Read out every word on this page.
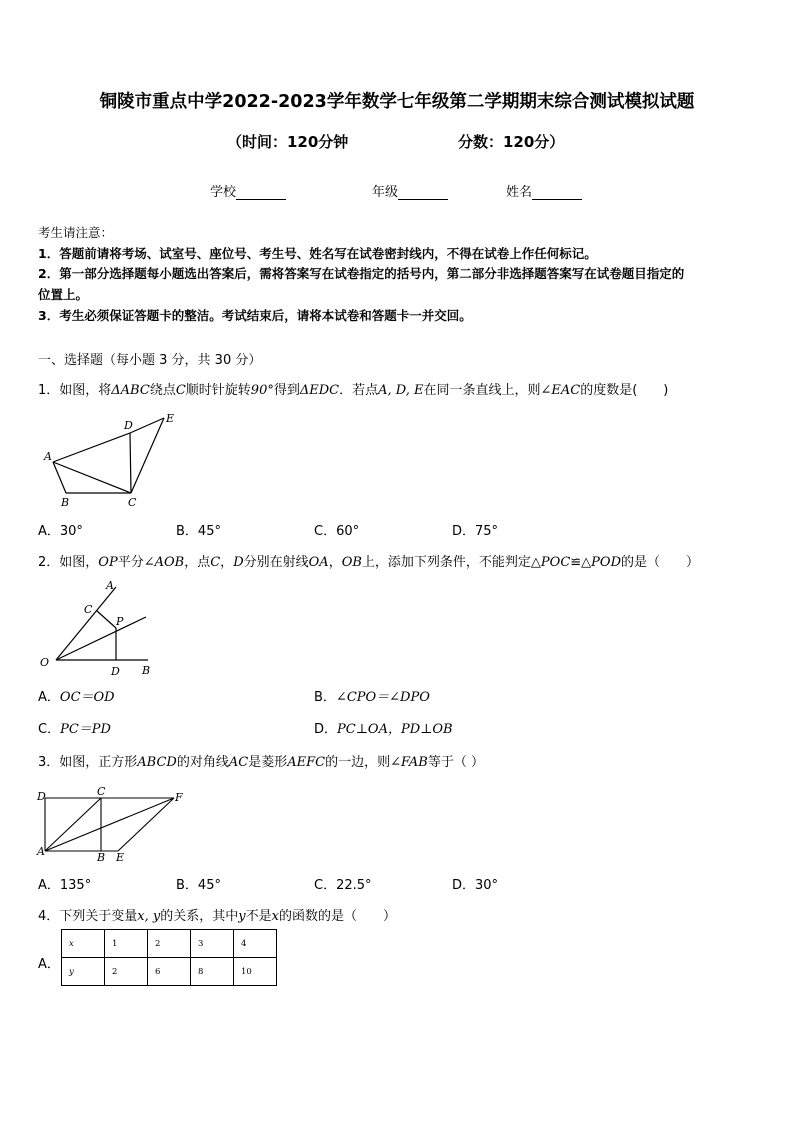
铜陵市重点中学2022-2023学年数学七年级第二学期期末综合测试模拟试题
（时间：120分钟	分数：120分）
学校	年级	姓名
考生请注意：
1．答题前请将考场、试室号、座位号、考生号、姓名写在试卷密封线内，不得在试卷上作任何标记。
2．第一部分选择题每小题选出答案后，需将答案写在试卷指定的括号内，第二部分非选择题答案写在试卷题目指定的
位置上。
3．考生必须保证答题卡的整洁。考试结束后，请将本试卷和答题卡一并交回。
一、选择题（每小题 3 分，共 30 分）
1．如图，将ΔABC绕点C顺时针旋转90°得到ΔEDC．若点A, D, E在同一条直线上，则∠EAC的度数是(　　)
A
B	C
D
E
A．30°	B．45°	C．60°	D．75°
2．如图，OP平分∠AOB，点C，D分别在射线OA，OB上，添加下列条件，不能判定△POC≌△POD的是（　　）
A
C
P
O
D B
A．OC＝OD	B．∠CPO＝∠DPO
C．PC＝PD	D．PC⊥OA，PD⊥OB
3．如图，正方形ABCD的对角线AC是菱形AEFC的一边，则∠FAB等于（ ）
D	C	F
A	B E
A．135°	B．45°	C．22.5°	D．30°
4．下列关于变量x, y的关系，其中y不是x的函数的是（　　）
A．
x	1	2	3	4
y	2	6	8	10
